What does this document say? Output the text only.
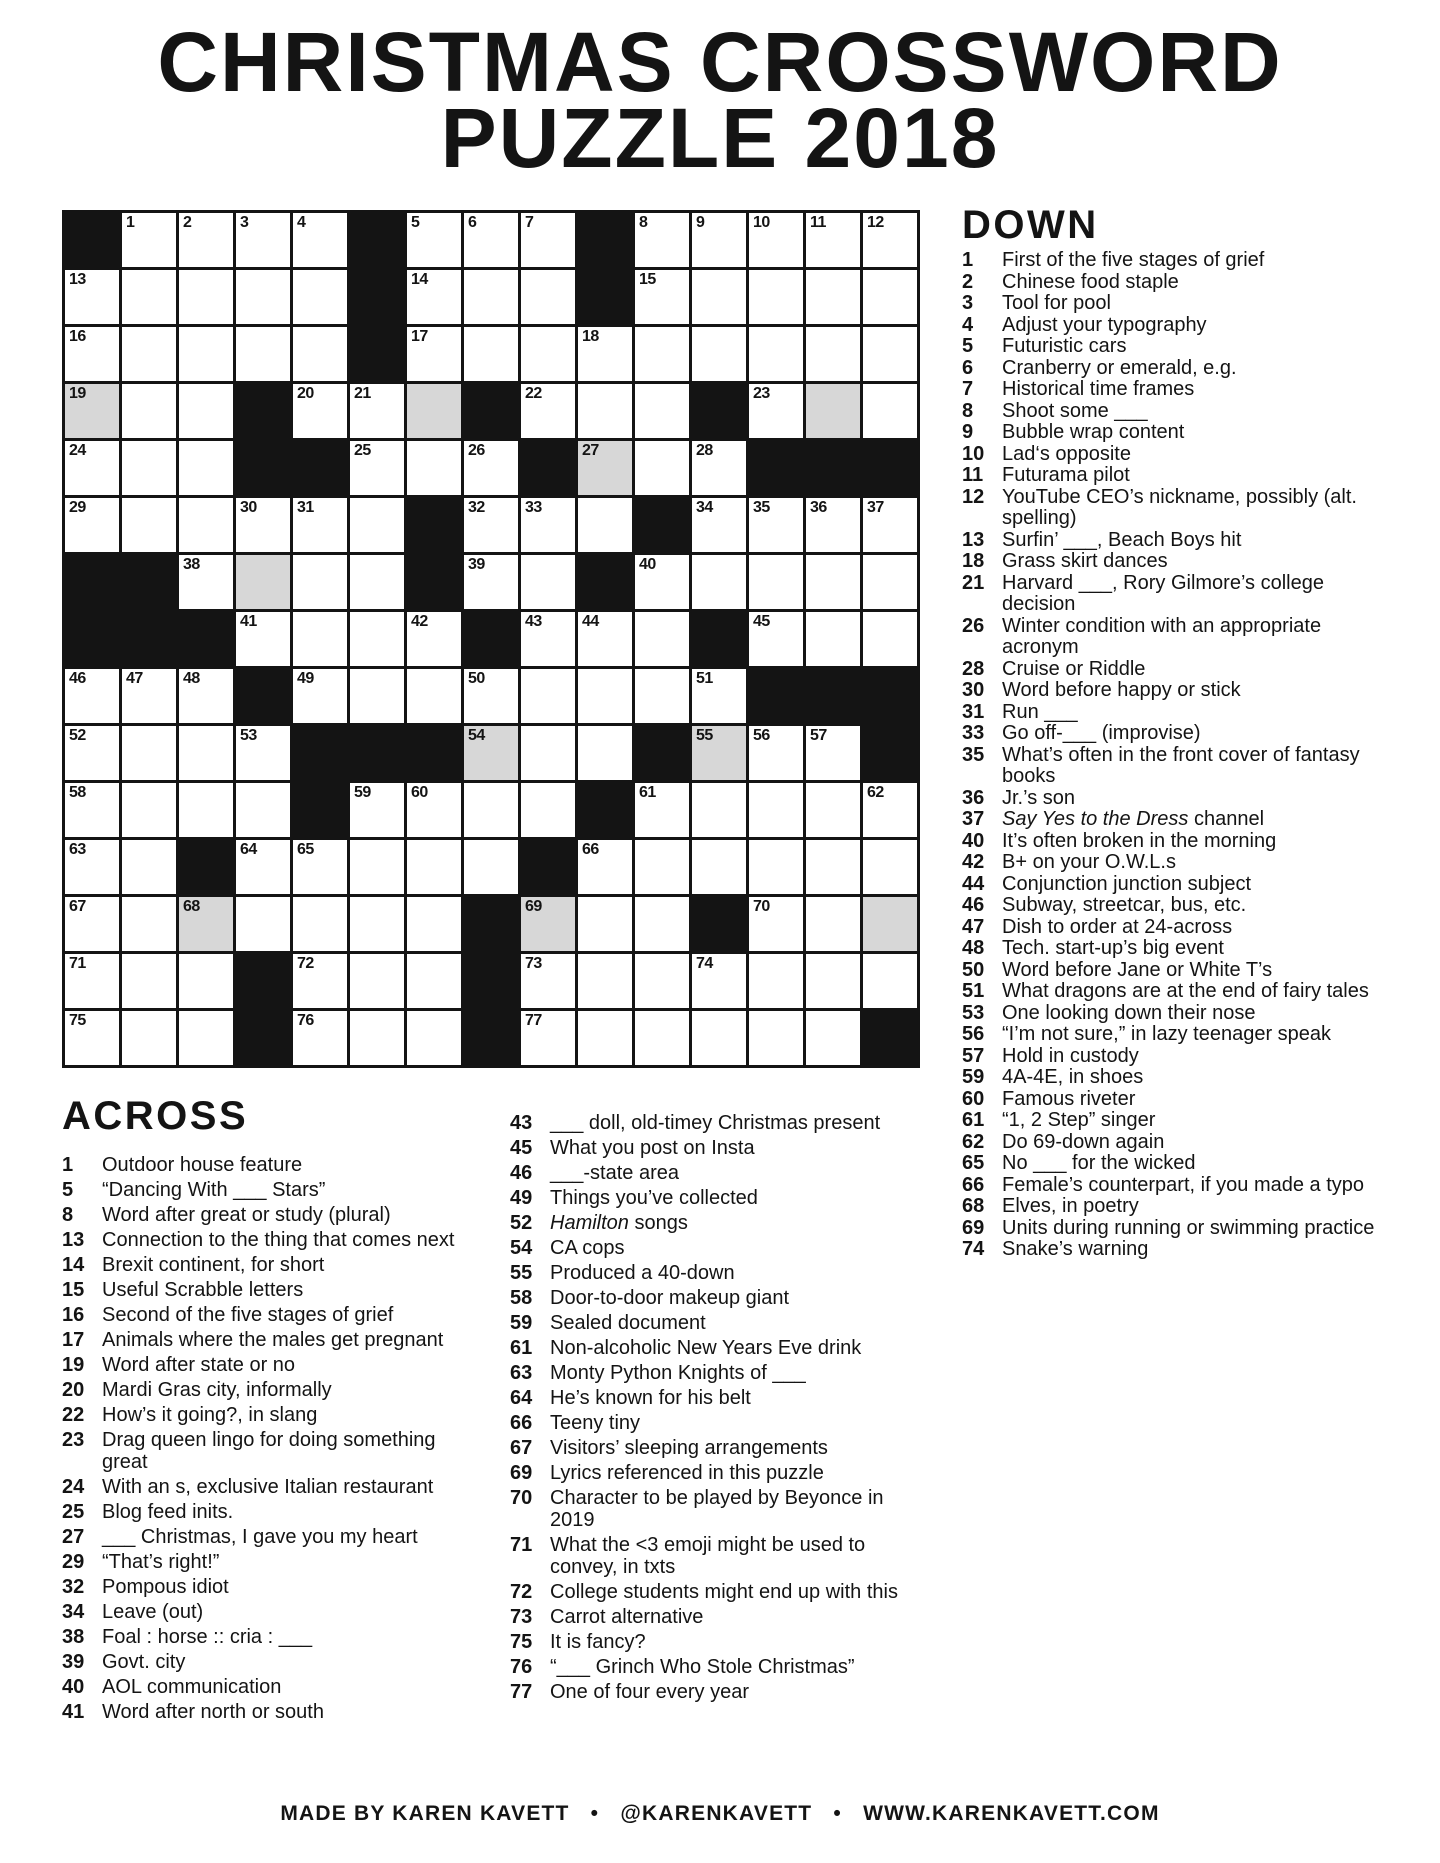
CHRISTMAS CROSSWORD
PUZZLE 2018
1	2	3	4	5	6	7	8	9	10	11	12
13	14	15
16	17	18
19	20	21	22	23
24	25	26	27	28
29	30	31	32	33	34	35	36	37
38	39	40
41	42	43	44	45
46	47	48	49	50	51
52	53	54	55	56	57
58	59	60	61	62
63	64	65	66
67	68	69	70
71	72	73	74
75	76	77
DOWN
1	First of the five stages of grief
2	Chinese food staple
3	Tool for pool
4	Adjust your typography
5	Futuristic cars
6	Cranberry or emerald, e.g.
7	Historical time frames
8	Shoot some ___
9	Bubble wrap content
10 Lad‘s opposite
11 Futurama pilot
12 YouTube CEO’s nickname, possibly (alt. spelling)
13 Surfin’ ___, Beach Boys hit
18 Grass skirt dances
21 Harvard ___, Rory Gilmore’s college decision
26 Winter condition with an appropriate acronym
28 Cruise or Riddle
30 Word before happy or stick
31 Run ___
33 Go off-___ (improvise)
35 What’s often in the front cover of fantasy books
36 Jr.’s son
37 Say Yes to the Dress channel
40 It’s often broken in the morning
42 B+ on your O.W.L.s
44 Conjunction junction subject
46 Subway, streetcar, bus, etc.
47 Dish to order at 24-across
48 Tech. start-up’s big event
50 Word before Jane or White T’s
51 What dragons are at the end of fairy tales
53 One looking down their nose
56 “I’m not sure,” in lazy teenager speak
57 Hold in custody
59 4A-4E, in shoes
60 Famous riveter
61 “1, 2 Step” singer
62 Do 69-down again
65 No ___ for the wicked
66 Female’s counterpart, if you made a typo
68 Elves, in poetry
69 Units during running or swimming practice
74 Snake’s warning
ACROSS
1	Outdoor house feature
5	“Dancing With ___ Stars”
8	Word after great or study (plural)
13 Connection to the thing that comes next
14 Brexit continent, for short
15 Useful Scrabble letters
16 Second of the five stages of grief
17 Animals where the males get pregnant
19 Word after state or no
20 Mardi Gras city, informally
22 How’s it going?, in slang
23 Drag queen lingo for doing something great
24 With an s, exclusive Italian restaurant
25 Blog feed inits.
27 ___ Christmas, I gave you my heart
29 “That’s right!”
32 Pompous idiot
34 Leave (out)
38 Foal : horse :: cria : ___
39 Govt. city
40 AOL communication
41 Word after north or south
43 ___ doll, old-timey Christmas present
45 What you post on Insta
46 ___-state area
49 Things you’ve collected
52 Hamilton songs
54 CA cops
55 Produced a 40-down
58 Door-to-door makeup giant
59 Sealed document
61 Non-alcoholic New Years Eve drink
63 Monty Python Knights of ___
64 He’s known for his belt
66 Teeny tiny
67 Visitors’ sleeping arrangements
69 Lyrics referenced in this puzzle
70 Character to be played by Beyonce in 2019
71 What the <3 emoji might be used to convey, in txts
72 College students might end up with this
73 Carrot alternative
75 It is fancy?
76 “___ Grinch Who Stole Christmas”
77 One of four every year
MADE BY KAREN KAVETT   •   @KARENKAVETT   •   WWW.KARENKAVETT.COM
